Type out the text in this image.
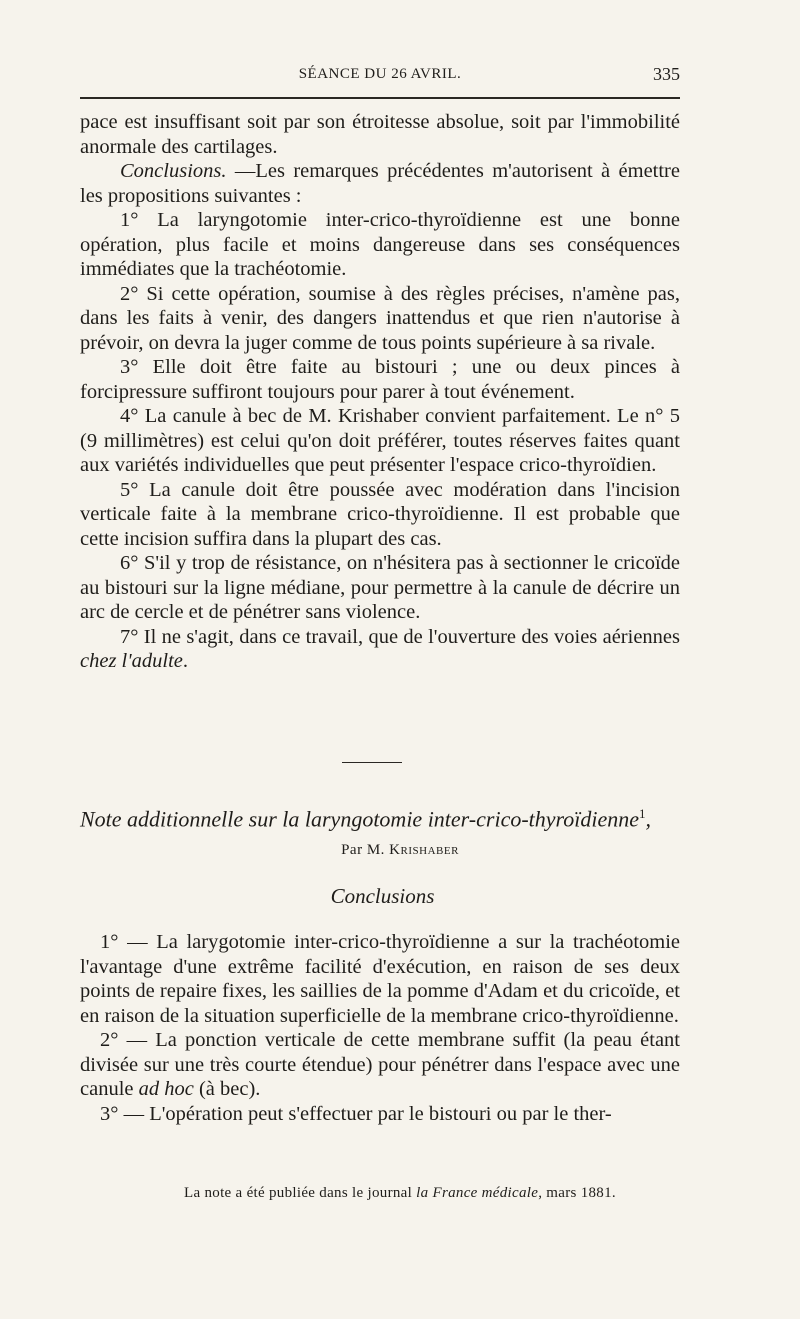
SÉANCE DU 26 AVRIL.	335

pace est insuffisant soit par son étroitesse absolue, soit par l'immobilité anormale des cartilages.

Conclusions. —Les remarques précédentes m'autorisent à émettre les propositions suivantes :

1° La laryngotomie inter-crico-thyroïdienne est une bonne opération, plus facile et moins dangereuse dans ses conséquences immédiates que la trachéotomie.

2° Si cette opération, soumise à des règles précises, n'amène pas, dans les faits à venir, des dangers inattendus et que rien n'autorise à prévoir, on devra la juger comme de tous points supérieure à sa rivale.

3° Elle doit être faite au bistouri ; une ou deux pinces à forcipressure suffiront toujours pour parer à tout événement.

4° La canule à bec de M. Krishaber convient parfaitement. Le n° 5 (9 millimètres) est celui qu'on doit préférer, toutes réserves faites quant aux variétés individuelles que peut présenter l'espace crico-thyroïdien.

5° La canule doit être poussée avec modération dans l'incision verticale faite à la membrane crico-thyroïdienne. Il est probable que cette incision suffira dans la plupart des cas.

6° S'il y trop de résistance, on n'hésitera pas à sectionner le cricoïde au bistouri sur la ligne médiane, pour permettre à la canule de décrire un arc de cercle et de pénétrer sans violence.

7° Il ne s'agit, dans ce travail, que de l'ouverture des voies aériennes chez l'adulte.

Note additionnelle sur la laryngotomie inter-crico-thyroïdienne$^1$,
Par M. Krishaber
Conclusions

1° — La larygotomie inter-crico-thyroïdienne a sur la trachéotomie l'avantage d'une extrême facilité d'exécution, en raison de ses deux points de repaire fixes, les saillies de la pomme d'Adam et du cricoïde, et en raison de la situation superficielle de la membrane crico-thyroïdienne.

2° — La ponction verticale de cette membrane suffit (la peau étant divisée sur une très courte étendue) pour pénétrer dans l'espace avec une canule ad hoc (à bec).

3° — L'opération peut s'effectuer par le bistouri ou par le ther-

La note a été publiée dans le journal la France médicale, mars 1881.
